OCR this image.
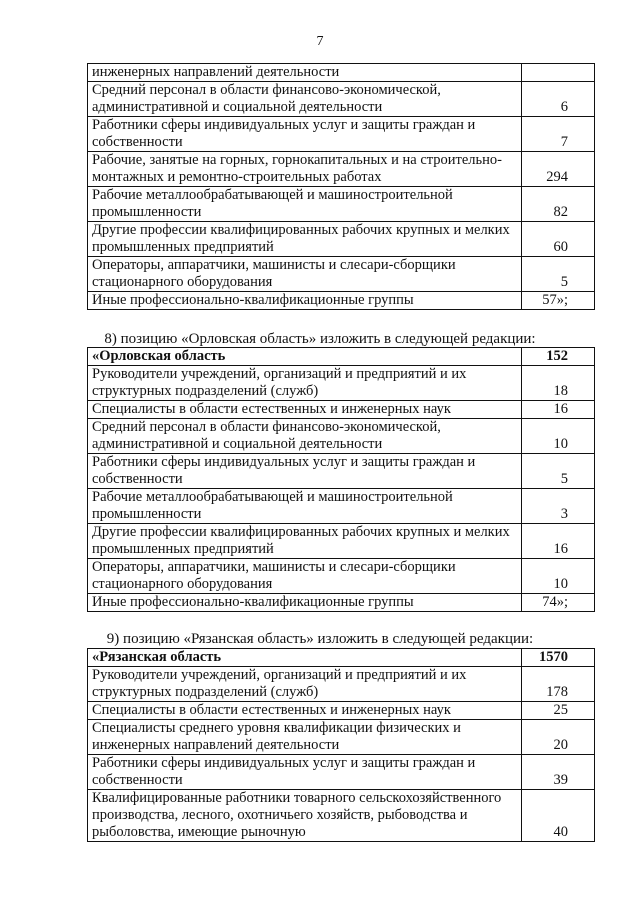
7
инженерных направлений деятельности	
Средний персонал в области финансово-экономической, административной и социальной деятельности	6
Работники сферы индивидуальных услуг и защиты граждан и собственности	7
Рабочие, занятые на горных, горнокапитальных и на строительно-монтажных и ремонтно-строительных работах	294
Рабочие металлообрабатывающей и машиностроительной промышленности	82
Другие профессии квалифицированных рабочих крупных и мелких промышленных предприятий	60
Операторы, аппаратчики, машинисты и слесари-сборщики стационарного оборудования	5
Иные профессионально-квалификационные группы	57»;
8) позицию «Орловская область» изложить в следующей редакции:
«Орловская область	152
Руководители учреждений, организаций и предприятий и их структурных подразделений (служб)	18
Специалисты в области естественных и инженерных наук	16
Средний персонал в области финансово-экономической, административной и социальной деятельности	10
Работники сферы индивидуальных услуг и защиты граждан и собственности	5
Рабочие металлообрабатывающей и машиностроительной промышленности	3
Другие профессии квалифицированных рабочих крупных и мелких промышленных предприятий	16
Операторы, аппаратчики, машинисты и слесари-сборщики стационарного оборудования	10
Иные профессионально-квалификационные группы	74»;
9) позицию «Рязанская область» изложить в следующей редакции:
«Рязанская область	1570
Руководители учреждений, организаций и предприятий и их структурных подразделений (служб)	178
Специалисты в области естественных и инженерных наук	25
Специалисты среднего уровня квалификации физических и инженерных направлений деятельности	20
Работники сферы индивидуальных услуг и защиты граждан и собственности	39
Квалифицированные работники товарного сельскохозяйственного производства, лесного, охотничьего хозяйств, рыбоводства и рыболовства, имеющие рыночную	40
